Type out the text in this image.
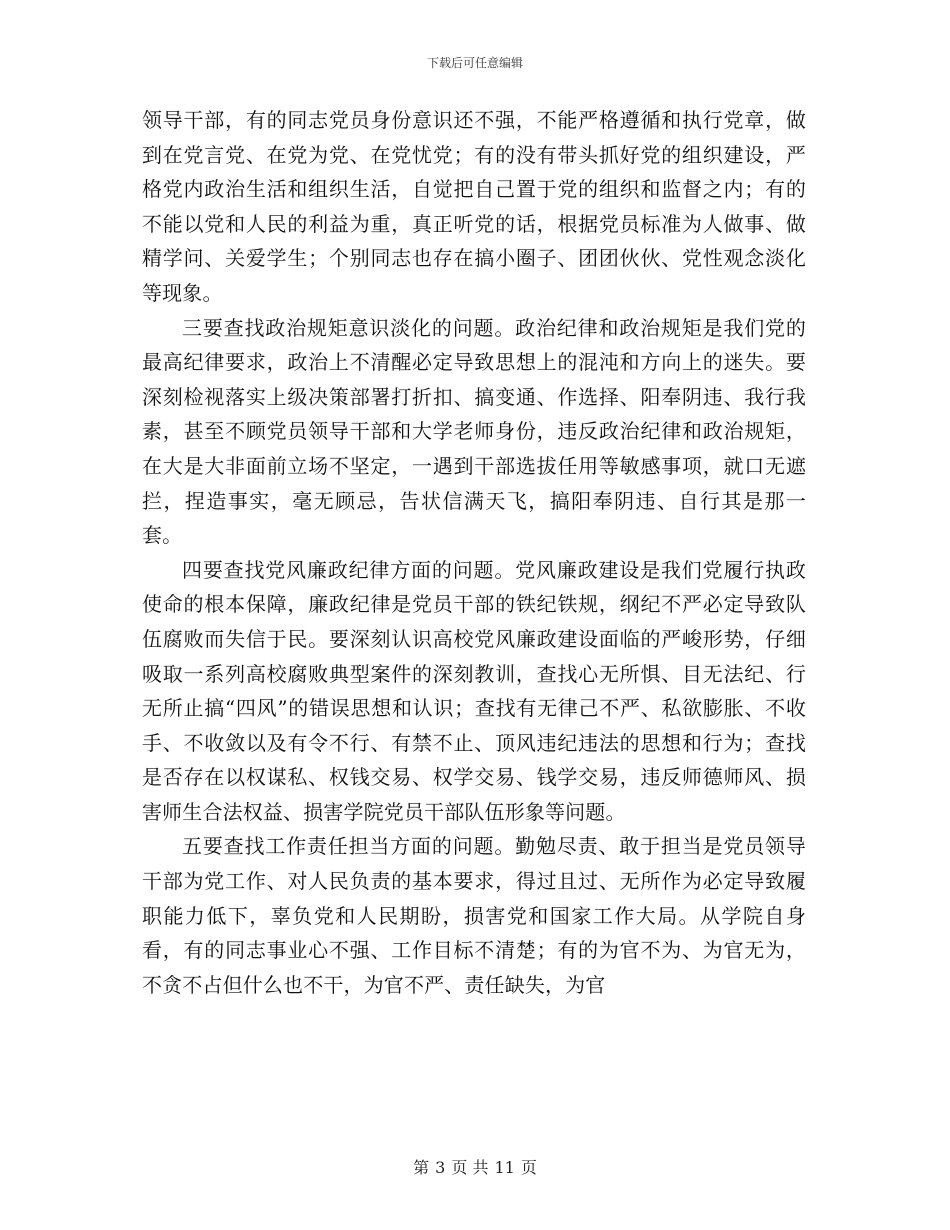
下载后可任意编辑

领导干部，有的同志党员身份意识还不强，不能严格遵循和执行党章，做到在党言党、在党为党、在党忧党；有的没有带头抓好党的组织建设，严格党内政治生活和组织生活，自觉把自己置于党的组织和监督之内；有的不能以党和人民的利益为重，真正听党的话，根据党员标准为人做事、做精学问、关爱学生；个别同志也存在搞小圈子、团团伙伙、党性观念淡化等现象。

三要查找政治规矩意识淡化的问题。政治纪律和政治规矩是我们党的最高纪律要求，政治上不清醒必定导致思想上的混沌和方向上的迷失。要深刻检视落实上级决策部署打折扣、搞变通、作选择、阳奉阴违、我行我素，甚至不顾党员领导干部和大学老师身份，违反政治纪律和政治规矩，在大是大非面前立场不坚定，一遇到干部选拔任用等敏感事项，就口无遮拦，捏造事实，毫无顾忌，告状信满天飞，搞阳奉阴违、自行其是那一套。

四要查找党风廉政纪律方面的问题。党风廉政建设是我们党履行执政使命的根本保障，廉政纪律是党员干部的铁纪铁规，纲纪不严必定导致队伍腐败而失信于民。要深刻认识高校党风廉政建设面临的严峻形势，仔细吸取一系列高校腐败典型案件的深刻教训，查找心无所惧、目无法纪、行无所止搞“四风”的错误思想和认识；查找有无律己不严、私欲膨胀、不收手、不收敛以及有令不行、有禁不止、顶风违纪违法的思想和行为；查找是否存在以权谋私、权钱交易、权学交易、钱学交易，违反师德师风、损害师生合法权益、损害学院党员干部队伍形象等问题。

五要查找工作责任担当方面的问题。勤勉尽责、敢于担当是党员领导干部为党工作、对人民负责的基本要求，得过且过、无所作为必定导致履职能力低下，辜负党和人民期盼，损害党和国家工作大局。从学院自身看，有的同志事业心不强、工作目标不清楚；有的为官不为、为官无为，不贪不占但什么也不干，为官不严、责任缺失，为官

第 3 页 共 11 页
